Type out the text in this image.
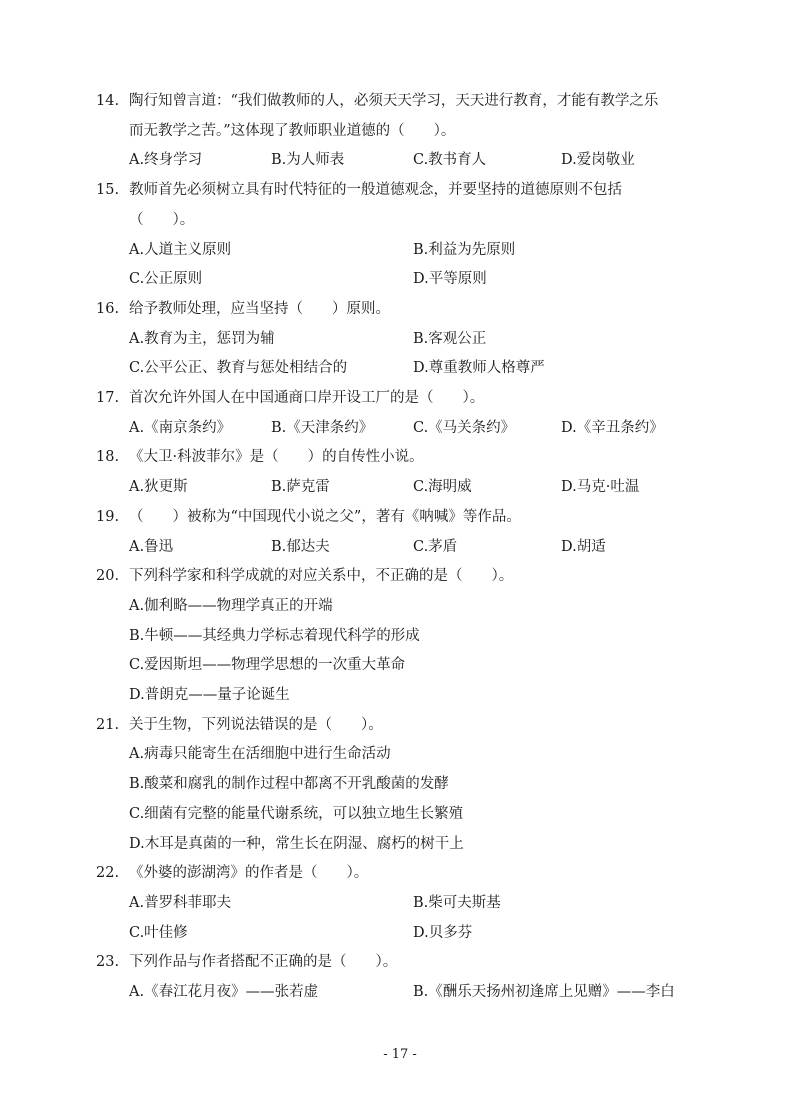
14. 陶行知曾言道：“我们做教师的人，必须天天学习，天天进行教育，才能有教学之乐
而无教学之苦。”这体现了教师职业道德的（　　）。
A.终身学习	B.为人师表	C.教书育人	D.爱岗敬业
15. 教师首先必须树立具有时代特征的一般道德观念，并要坚持的道德原则不包括
（　　）。
A.人道主义原则	B.利益为先原则
C.公正原则	D.平等原则
16. 给予教师处理，应当坚持（　　）原则。
A.教育为主，惩罚为辅	B.客观公正
C.公平公正、教育与惩处相结合的	D.尊重教师人格尊严
17. 首次允许外国人在中国通商口岸开设工厂的是（　　）。
A.《南京条约》	B.《天津条约》	C.《马关条约》	D.《辛丑条约》
18. 《大卫·科波菲尔》是（　　）的自传性小说。
A.狄更斯	B.萨克雷	C.海明威	D.马克·吐温
19. （　　）被称为“中国现代小说之父”，著有《呐喊》等作品。
A.鲁迅	B.郁达夫	C.茅盾	D.胡适
20. 下列科学家和科学成就的对应关系中，不正确的是（　　）。
A.伽利略——物理学真正的开端
B.牛顿——其经典力学标志着现代科学的形成
C.爱因斯坦——物理学思想的一次重大革命
D.普朗克——量子论诞生
21. 关于生物，下列说法错误的是（　　）。
A.病毒只能寄生在活细胞中进行生命活动
B.酸菜和腐乳的制作过程中都离不开乳酸菌的发酵
C.细菌有完整的能量代谢系统，可以独立地生长繁殖
D.木耳是真菌的一种，常生长在阴湿、腐朽的树干上
22. 《外婆的澎湖湾》的作者是（　　）。
A.普罗科菲耶夫	B.柴可夫斯基
C.叶佳修	D.贝多芬
23. 下列作品与作者搭配不正确的是（　　）。
A.《春江花月夜》——张若虚	B.《酬乐天扬州初逢席上见赠》——李白
- 17 -
